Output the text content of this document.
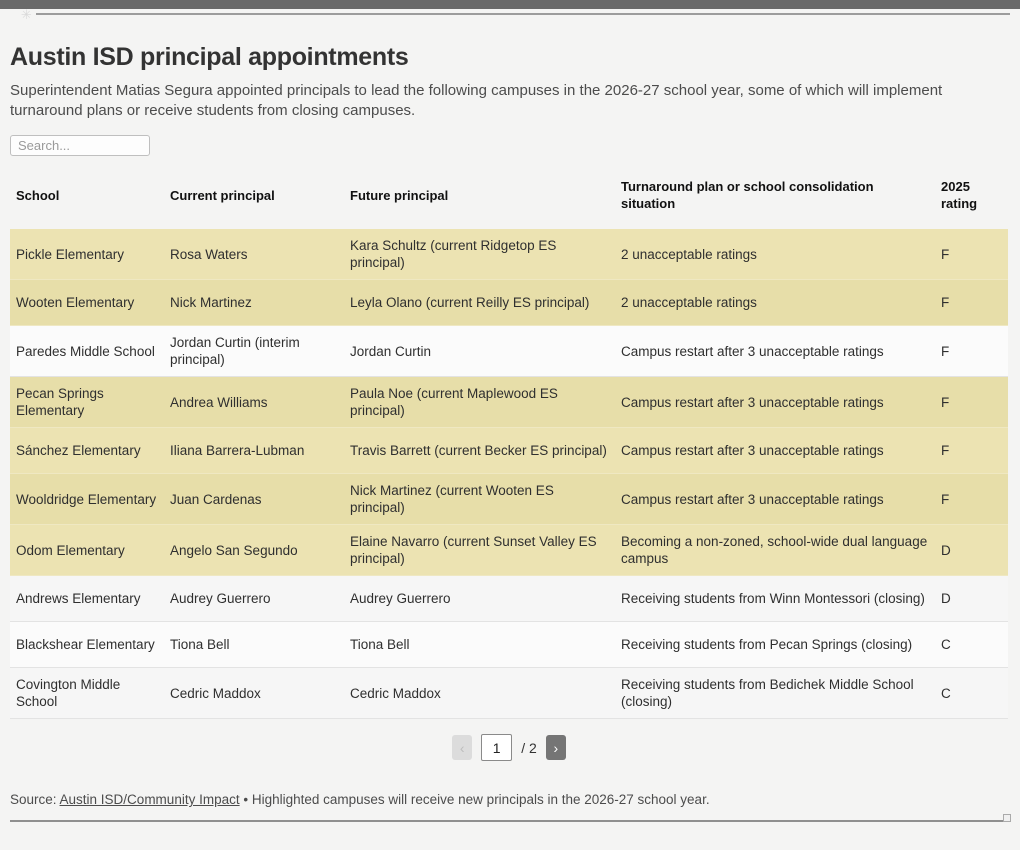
✳
Austin ISD principal appointments

Superintendent Matias Segura appointed principals to lead the following campuses in the 2026-27 school year, some of which will implement turnaround plans or receive students from closing campuses.

Search...
School	Current principal	Future principal	Turnaround plan or school consolidation situation	2025 rating
Pickle Elementary	Rosa Waters	Kara Schultz (current Ridgetop ES principal)	2 unacceptable ratings	F
Wooten Elementary	Nick Martinez	Leyla Olano (current Reilly ES principal)	2 unacceptable ratings	F
Paredes Middle School	Jordan Curtin (interim principal)	Jordan Curtin	Campus restart after 3 unacceptable ratings	F
Pecan Springs Elementary	Andrea Williams	Paula Noe (current Maplewood ES principal)	Campus restart after 3 unacceptable ratings	F
Sánchez Elementary	Iliana Barrera-Lubman	Travis Barrett (current Becker ES principal)	Campus restart after 3 unacceptable ratings	F
Wooldridge Elementary	Juan Cardenas	Nick Martinez (current Wooten ES principal)	Campus restart after 3 unacceptable ratings	F
Odom Elementary	Angelo San Segundo	Elaine Navarro (current Sunset Valley ES principal)	Becoming a non-zoned, school-wide dual language campus	D
Andrews Elementary	Audrey Guerrero	Audrey Guerrero	Receiving students from Winn Montessori (closing)	D
Blackshear Elementary	Tiona Bell	Tiona Bell	Receiving students from Pecan Springs (closing)	C
Covington Middle School	Cedric Maddox	Cedric Maddox	Receiving students from Bedichek Middle School (closing)	C
‹
1	/ 2	›

Source: Austin ISD/Community Impact • Highlighted campuses will receive new principals in the 2026-27 school year.
